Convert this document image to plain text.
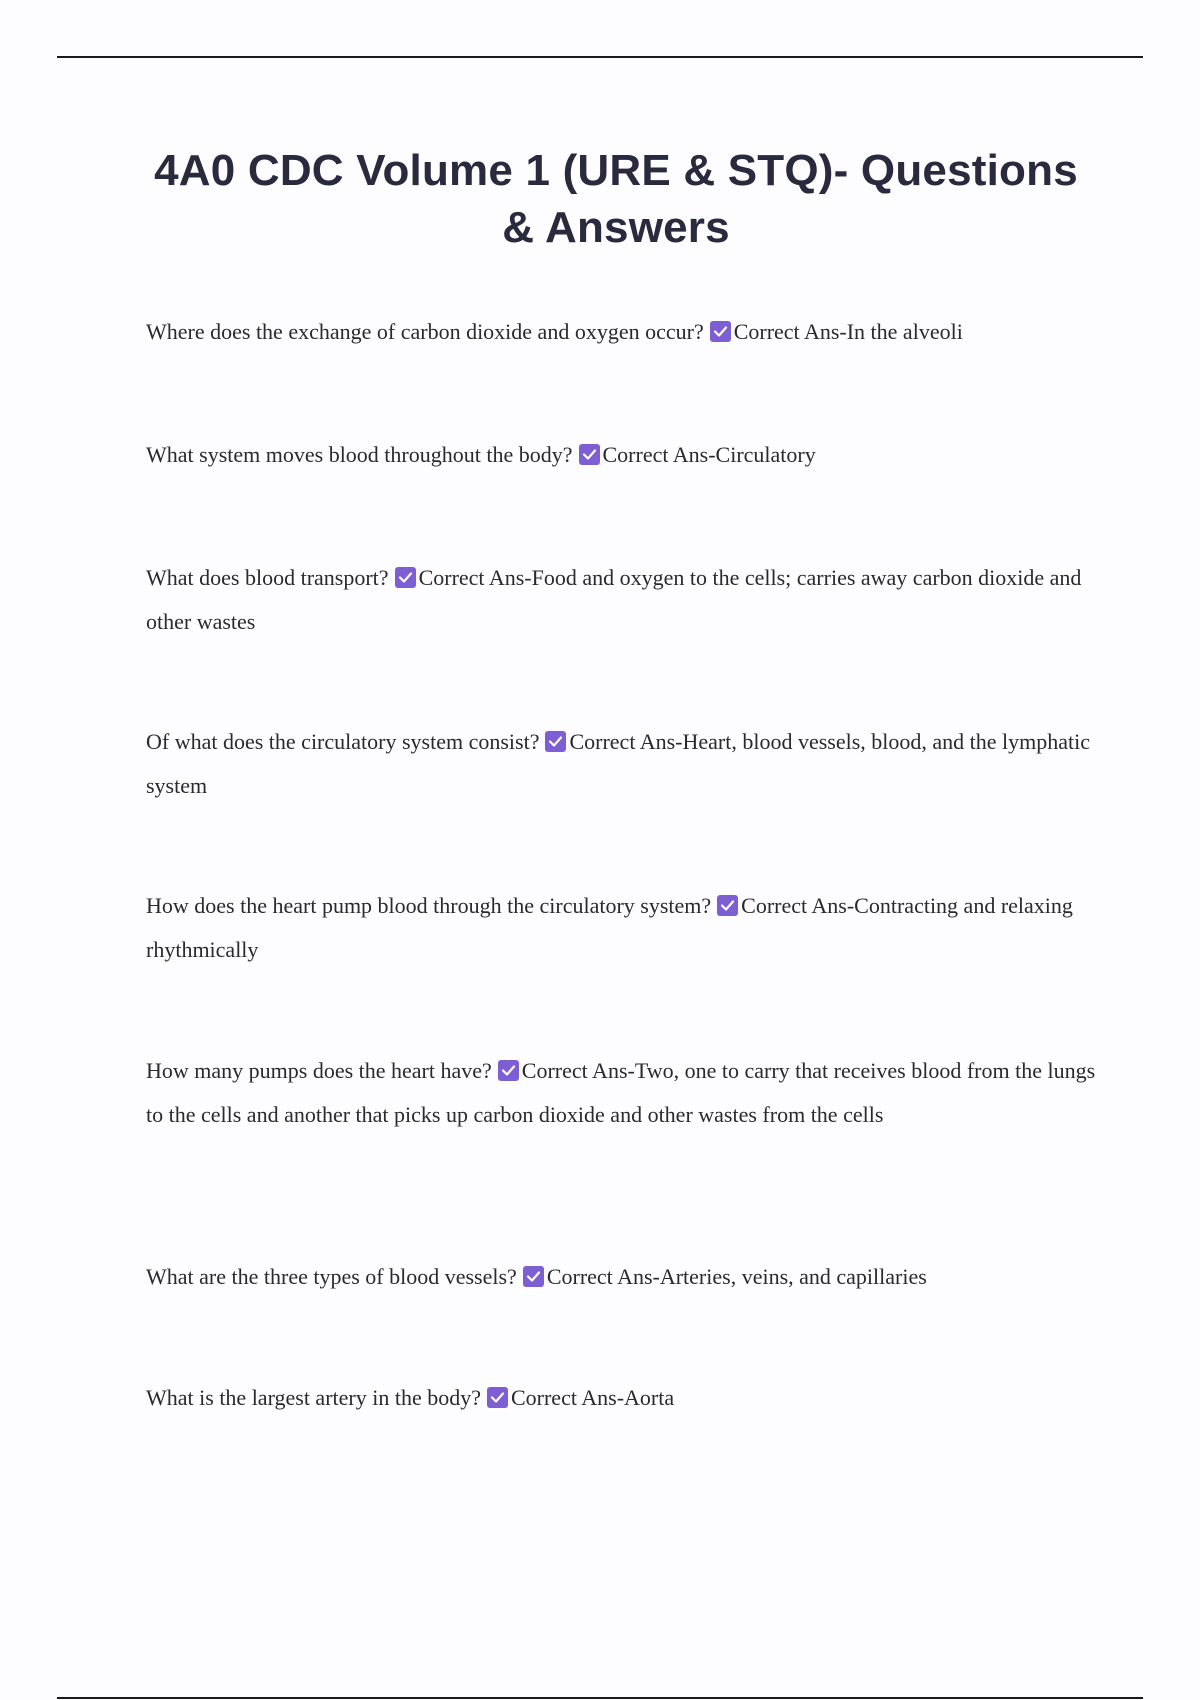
4A0 CDC Volume 1 (URE & STQ)- Questions & Answers

Where does the exchange of carbon dioxide and oxygen occur? Correct Ans-In the alveoli

What system moves blood throughout the body? Correct Ans-Circulatory

What does blood transport? Correct Ans-Food and oxygen to the cells; carries away carbon dioxide and other wastes

Of what does the circulatory system consist? Correct Ans-Heart, blood vessels, blood, and the lymphatic system

How does the heart pump blood through the circulatory system? Correct Ans-Contracting and relaxing rhythmically

How many pumps does the heart have? Correct Ans-Two, one to carry that receives blood from the lungs to the cells and another that picks up carbon dioxide and other wastes from the cells

What are the three types of blood vessels? Correct Ans-Arteries, veins, and capillaries

What is the largest artery in the body? Correct Ans-Aorta
